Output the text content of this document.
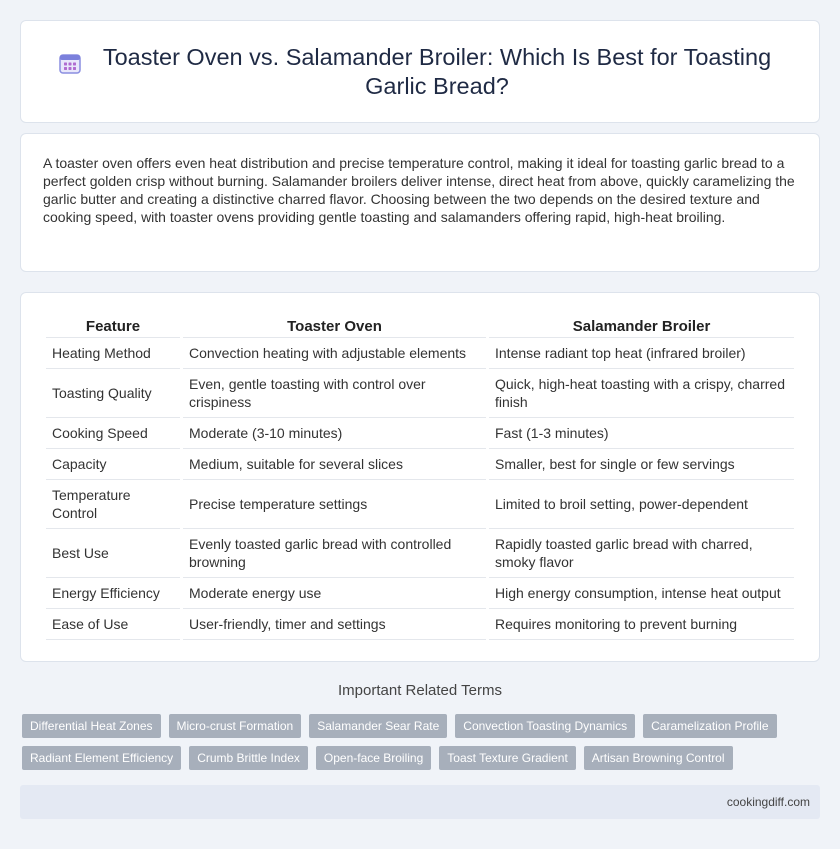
Toaster Oven vs. Salamander Broiler: Which Is Best for Toasting Garlic Bread?

A toaster oven offers even heat distribution and precise temperature control, making it ideal for toasting garlic bread to a perfect golden crisp without burning. Salamander broilers deliver intense, direct heat from above, quickly caramelizing the garlic butter and creating a distinctive charred flavor. Choosing between the two depends on the desired texture and cooking speed, with toaster ovens providing gentle toasting and salamanders offering rapid, high-heat broiling.

Feature	Toaster Oven	Salamander Broiler
Heating Method	Convection heating with adjustable elements	Intense radiant top heat (infrared broiler)
Toasting Quality	Even, gentle toasting with control over crispiness	Quick, high-heat toasting with a crispy, charred finish
Cooking Speed	Moderate (3-10 minutes)	Fast (1-3 minutes)
Capacity	Medium, suitable for several slices	Smaller, best for single or few servings
Temperature Control	Precise temperature settings	Limited to broil setting, power-dependent
Best Use	Evenly toasted garlic bread with controlled browning	Rapidly toasted garlic bread with charred, smoky flavor
Energy Efficiency	Moderate energy use	High energy consumption, intense heat output
Ease of Use	User-friendly, timer and settings	Requires monitoring to prevent burning
Important Related Terms
Differential Heat Zones	Micro-crust Formation	Salamander Sear Rate	Convection Toasting Dynamics	Caramelization Profile
Radiant Element Efficiency	Crumb Brittle Index	Open-face Broiling	Toast Texture Gradient	Artisan Browning Control
cookingdiff.com
